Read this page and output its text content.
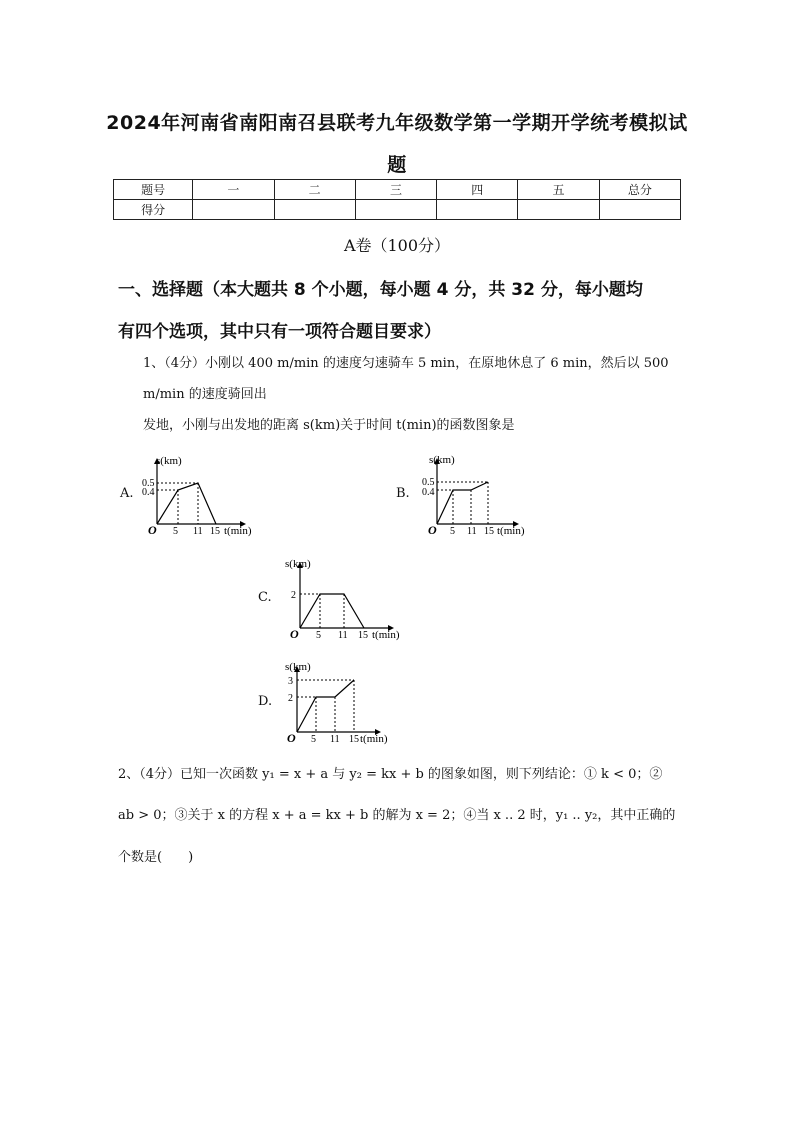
2024年河南省南阳南召县联考九年级数学第一学期开学统考模拟试
题
题号	一	二	三	四	五	总分
得分						
A卷（100分）
一、选择题（本大题共 8 个小题，每小题 4 分，共 32 分，每小题均
有四个选项，其中只有一项符合题目要求）
1、（4分）小刚以 400 m/min 的速度匀速骑车 5 min，在原地休息了 6 min，然后以 500
m/min 的速度骑回出
发地，小刚与出发地的距离 s(km)关于时间 t(min)的函数图象是
A.
s(km)
t(min)
O
0.5
0.4
5 11 15
B.
s(km)
t(min)
O
0.5
0.4
5 11 15
C.
s(km)
t(min)
O
2
5 11 15
D.
s(km)
t(min)
O
3
2
5 11 15
2、（4分）已知一次函数 y₁ = x + a 与 y₂ = kx + b 的图象如图，则下列结论：① k < 0；②
ab > 0；③关于 x 的方程 x + a = kx + b 的解为 x = 2；④当 x .. 2 时，y₁ .. y₂，其中正确的
个数是(　　)
